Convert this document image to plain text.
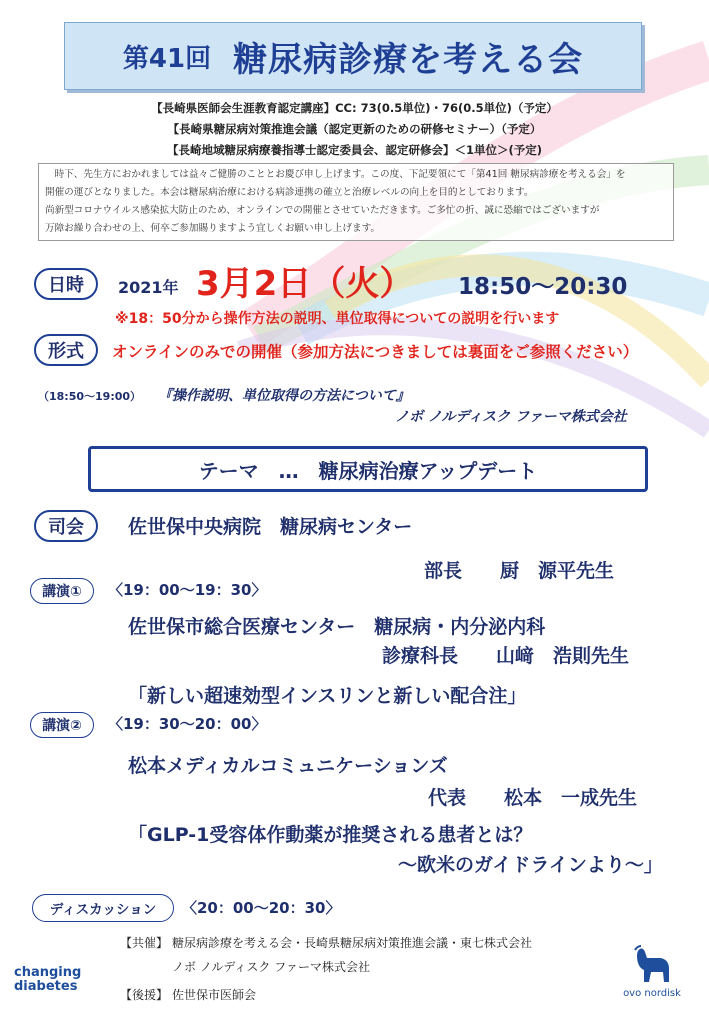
第41回 糖尿病診療を考える会
【長崎県医師会生涯教育認定講座】CC: 73(0.5単位)・76(0.5単位)（予定）
【長崎県糖尿病対策推進会議（認定更新のための研修セミナー）（予定）
【長崎地域糖尿病療養指導士認定委員会、認定研修会】＜1単位＞(予定)
　時下、先生方におかれましては益々ご健勝のこととお慶び申し上げます。この度、下記要領にて「第41回 糖尿病診療を考える会」を
開催の運びとなりました。本会は糖尿病治療における病診連携の確立と治療レベルの向上を目的としております。
尚新型コロナウイルス感染拡大防止のため、オンラインでの開催とさせていただきます。ご多忙の折、誠に恐縮ではございますが
万障お繰り合わせの上、何卒ご参加賜りますよう宜しくお願い申し上げます。
日時	2021年 3月2日（火） 18:50～20:30
※18：50分から操作方法の説明、単位取得についての説明を行います
形式	オンラインのみでの開催（参加方法につきましては裏面をご参照ください）
（18:50～19:00） 『操作説明、単位取得の方法について』
ノボ ノルディスク ファーマ株式会社
テーマ　…　糖尿病治療アップデート
司会	佐世保中央病院　糖尿病センター
部長　　厨　源平先生
講演①	〈19：00～19：30〉
佐世保市総合医療センター　糖尿病・内分泌内科
診療科長　　山﨑　浩則先生
「新しい超速効型インスリンと新しい配合注」
講演②	〈19：30～20：00〉
松本メディカルコミュニケーションズ
代表　　松本　一成先生
「GLP-1受容体作動薬が推奨される患者とは？
～欧米のガイドラインより～」
ディスカッション	〈20：00～20：30〉
【共催】 糖尿病診療を考える会・長崎県糖尿病対策推進会議・東七株式会社
ノボ ノルディスク ファーマ株式会社
【後援】 佐世保市医師会
changing
diabetes	ovo nordisk
